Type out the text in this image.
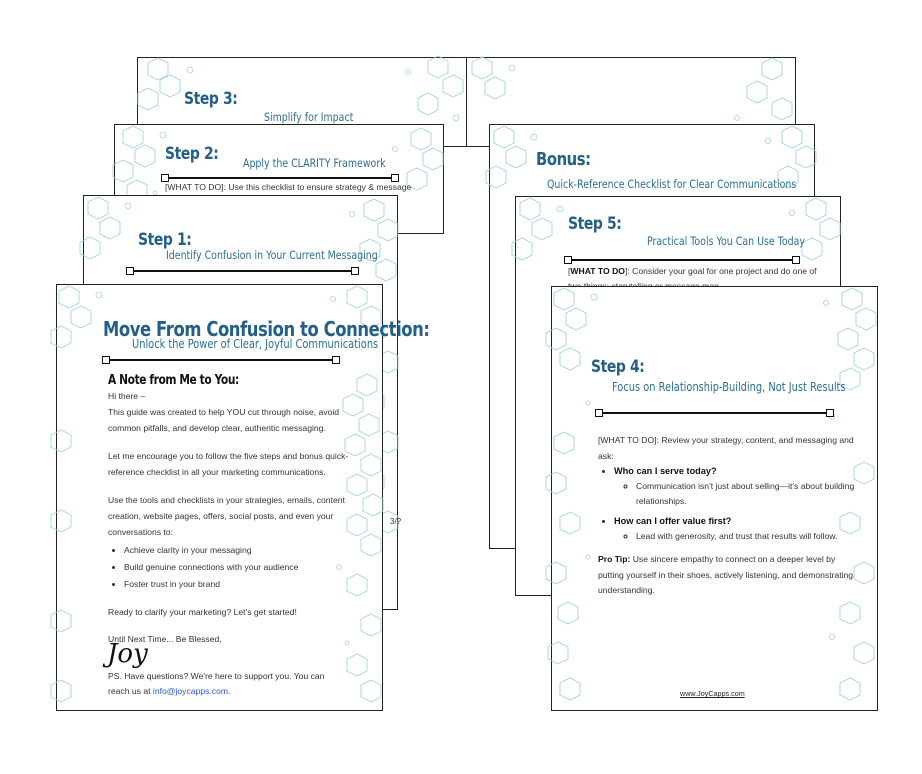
Step 3:
Simplify for Impact
Step 2: Apply the CLARITY Framework
[WHAT TO DO]: Use this checklist to ensure strategy & message
Bonus:
Quick-Reference Checklist for Clear Communications
Step 1:
Identify Confusion in Your Current Messaging
3/?
Step 5:
Practical Tools You Can Use Today
[WHAT TO DO]: Consider your goal for one project and do one of

Step 4:
Focus on Relationship-Building, Not Just Results
[WHAT TO DO]: Review your strategy, content, and messaging and ask:
• Who can I serve today?
◦ Communication isn't just about selling—it's about building relationships.
• How can I offer value first?
◦ Lead with generosity, and trust that results will follow.
Pro Tip: Use sincere empathy to connect on a deeper level by putting yourself in their shoes, actively listening, and demonstrating understanding.
www.JoyCapps.com
Move From Confusion to Connection:
Unlock the Power of Clear, Joyful Communications
A Note from Me to You:
Hi there –
This guide was created to help YOU cut through noise, avoid common pitfalls, and develop clear, authentic messaging.
Let me encourage you to follow the five steps and bonus quick-reference checklist in all your marketing communications.
Use the tools and checklists in your strategies, emails, content creation, website pages, offers, social posts, and even your conversations to:
• Achieve clarity in your messaging
• Build genuine connections with your audience
• Foster trust in your brand
Ready to clarify your marketing? Let's get started!
Until Next Time... Be Blessed,
Joy
PS. Have questions? We're here to support you. You can reach us at info@joycapps.com.
